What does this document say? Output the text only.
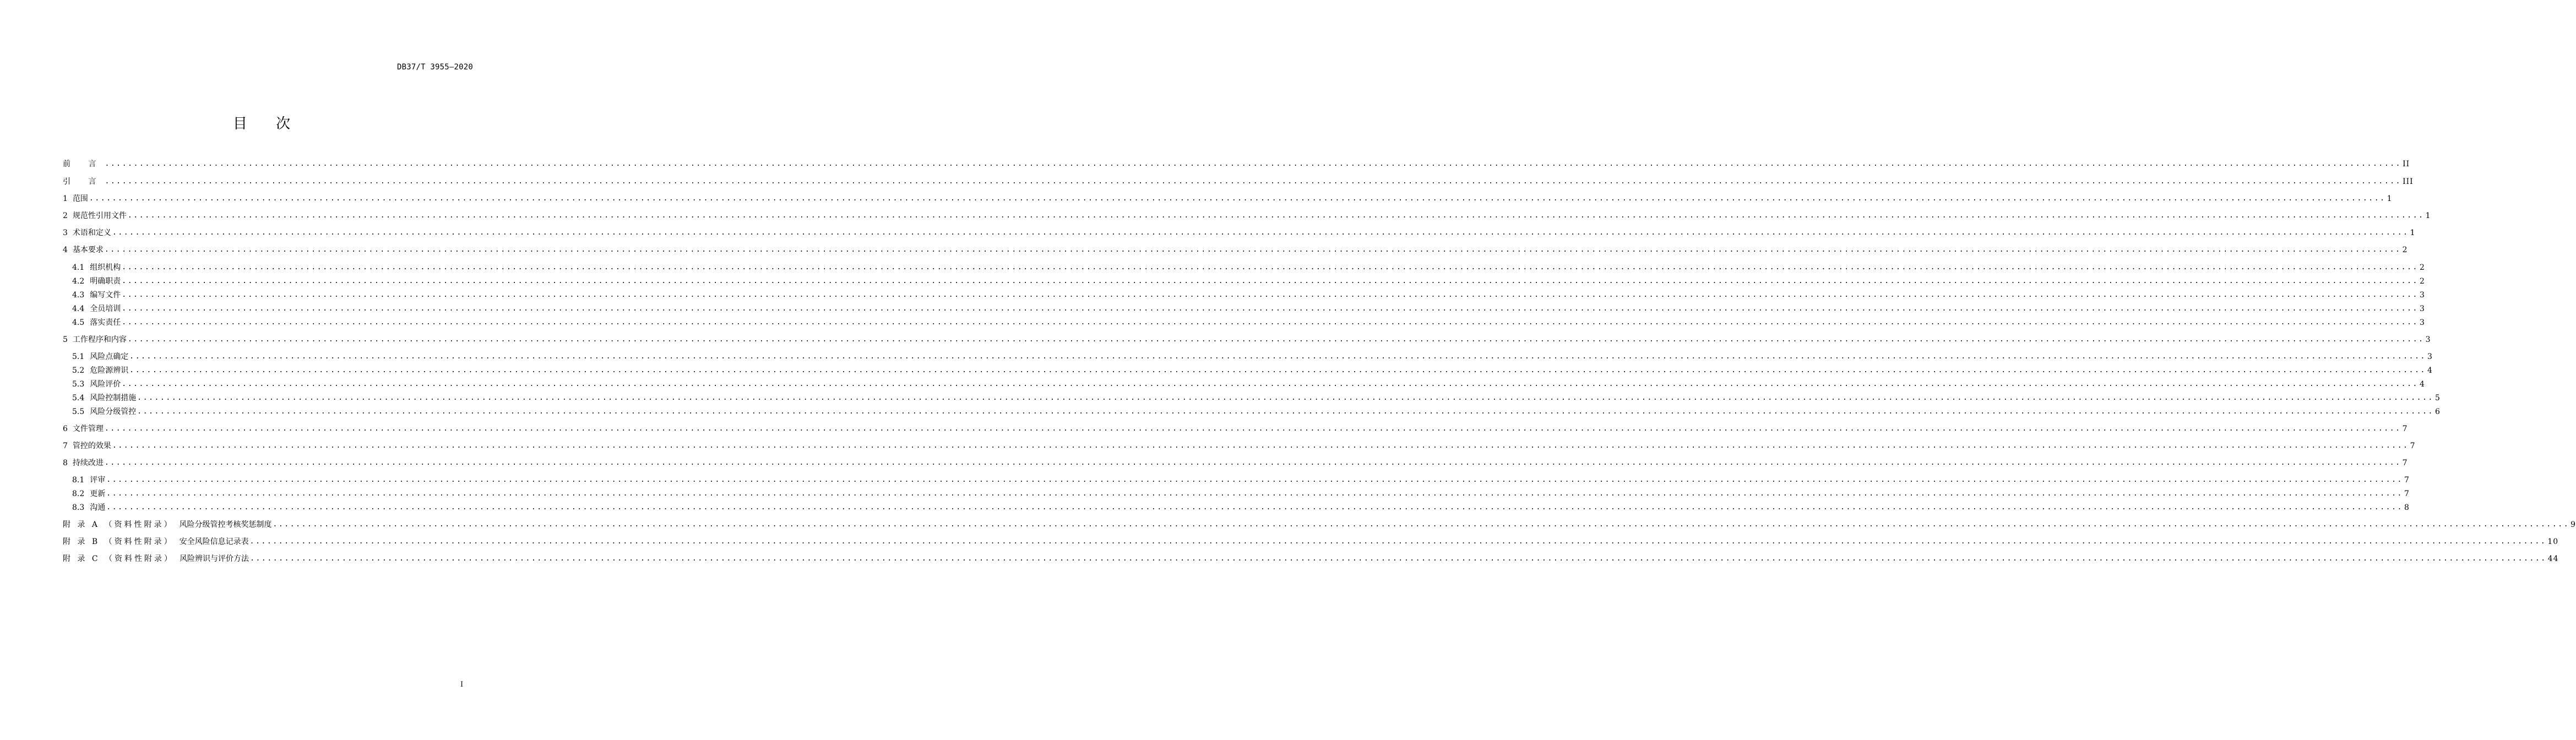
DB37/T 3955—2020
目 次
前 言 ................................................................................................................................................................................................................................................................................................................................................................................................................ II
引 言 ................................................................................................................................................................................................................................................................................................................................................................................................................ III
1 范围 ................................................................................................................................................................................................................................................................................................................................................................................................................ 1
2 规范性引用文件 ................................................................................................................................................................................................................................................................................................................................................................................................................ 1
3 术语和定义 ................................................................................................................................................................................................................................................................................................................................................................................................................ 1
4 基本要求 ................................................................................................................................................................................................................................................................................................................................................................................................................ 2
4.1 组织机构 ................................................................................................................................................................................................................................................................................................................................................................................................................ 2
4.2 明确职责 ................................................................................................................................................................................................................................................................................................................................................................................................................ 2
4.3 编写文件 ................................................................................................................................................................................................................................................................................................................................................................................................................ 3
4.4 全员培训 ................................................................................................................................................................................................................................................................................................................................................................................................................ 3
4.5 落实责任 ................................................................................................................................................................................................................................................................................................................................................................................................................ 3
5 工作程序和内容 ................................................................................................................................................................................................................................................................................................................................................................................................................ 3
5.1 风险点确定 ................................................................................................................................................................................................................................................................................................................................................................................................................ 3
5.2 危险源辨识 ................................................................................................................................................................................................................................................................................................................................................................................................................ 4
5.3 风险评价 ................................................................................................................................................................................................................................................................................................................................................................................................................ 4
5.4 风险控制措施 ................................................................................................................................................................................................................................................................................................................................................................................................................ 5
5.5 风险分级管控 ................................................................................................................................................................................................................................................................................................................................................................................................................ 6
6 文件管理 ................................................................................................................................................................................................................................................................................................................................................................................................................ 7
7 管控的效果 ................................................................................................................................................................................................................................................................................................................................................................................................................ 7
8 持续改进 ................................................................................................................................................................................................................................................................................................................................................................................................................ 7
8.1 评审 ................................................................................................................................................................................................................................................................................................................................................................................................................ 7
8.2 更新 ................................................................................................................................................................................................................................................................................................................................................................................................................ 7
8.3 沟通 ................................................................................................................................................................................................................................................................................................................................................................................................................ 8
附 录 A （资料性附录） 风险分级管控考核奖惩制度 ................................................................................................................................................................................................................................................................................................................................................................................................................ 9
附 录 B （资料性附录） 安全风险信息记录表 ................................................................................................................................................................................................................................................................................................................................................................................................................ 10
附 录 C （资料性附录） 风险辨识与评价方法 ................................................................................................................................................................................................................................................................................................................................................................................................................ 44
I
